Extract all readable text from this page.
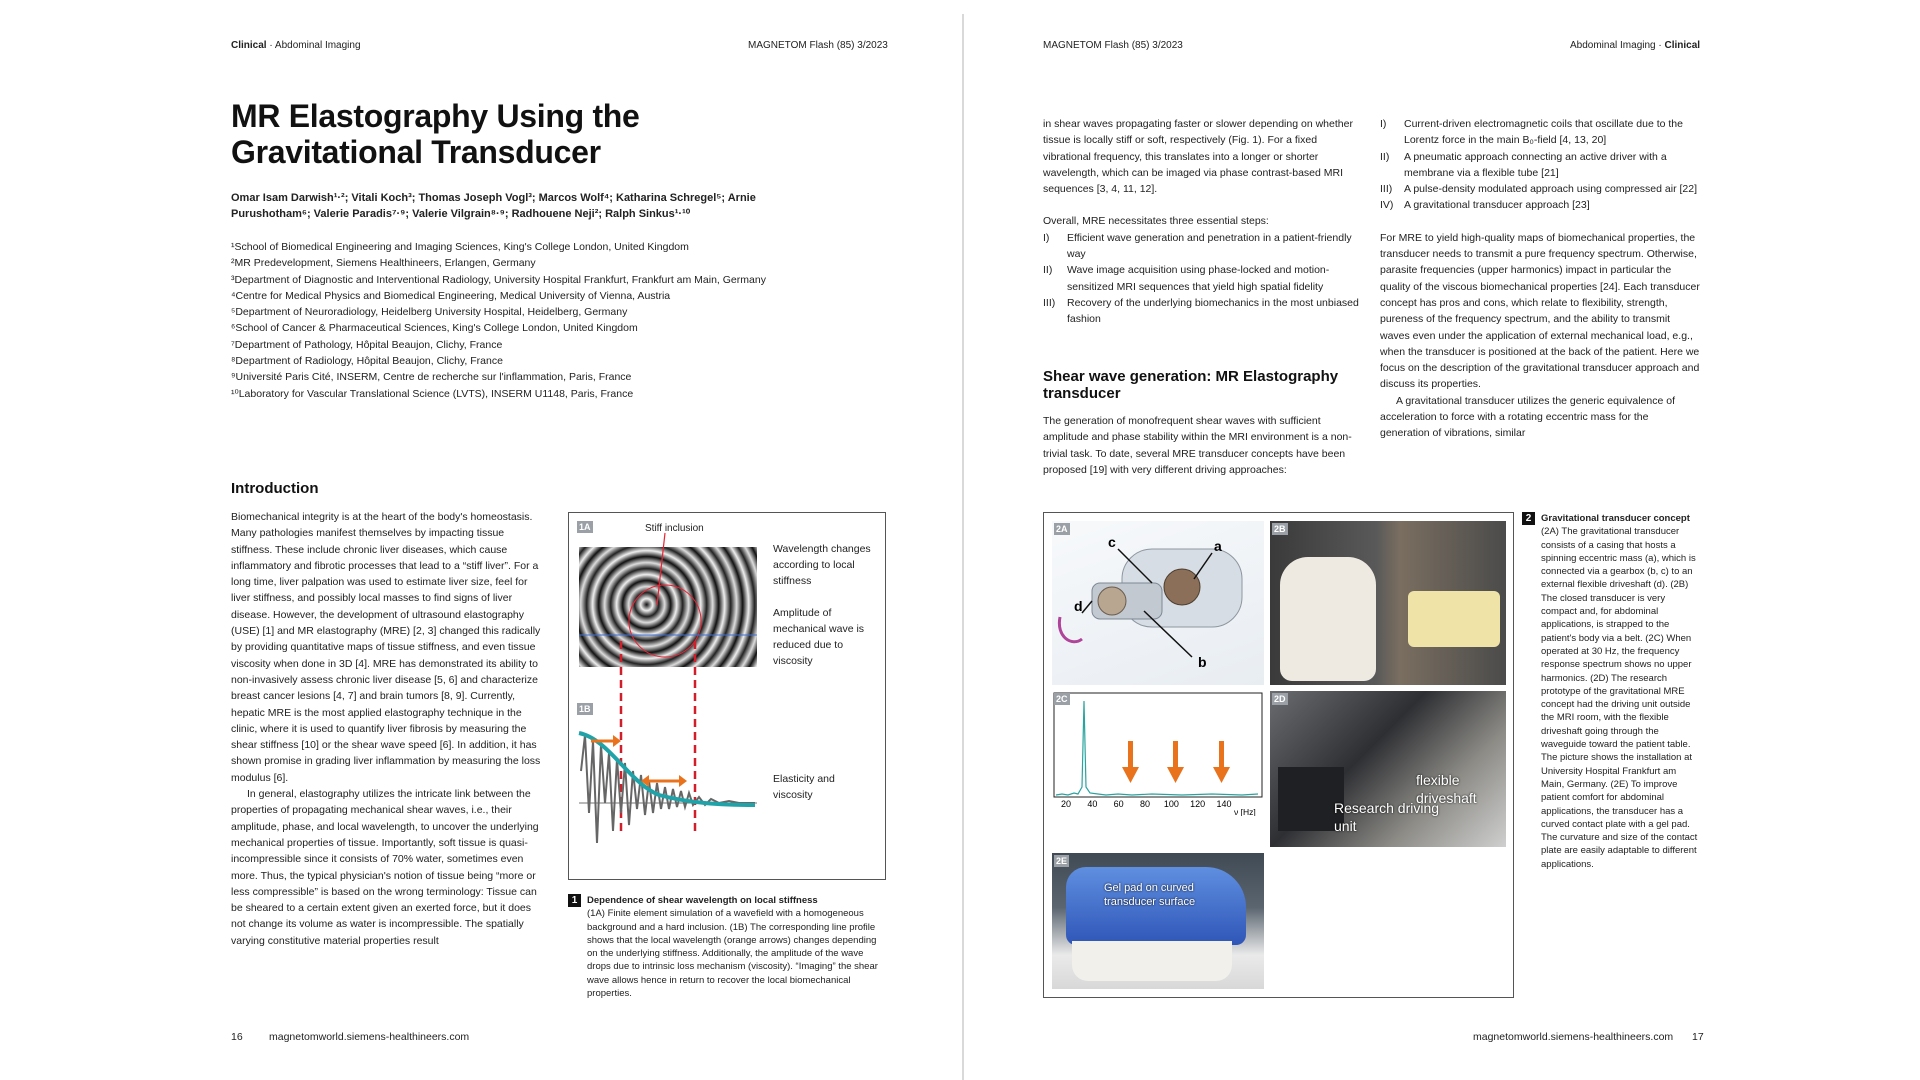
Clinical · Abdominal Imaging	MAGNETOM Flash (85) 3/2023
MR Elastography Using the Gravitational Transducer
Omar Isam Darwish¹·²; Vitali Koch³; Thomas Joseph Vogl³; Marcos Wolf⁴; Katharina Schregel⁵; Arnie Purushotham⁶; Valerie Paradis⁷·⁹; Valerie Vilgrain⁸·⁹; Radhouene Neji²; Ralph Sinkus¹·¹⁰
¹School of Biomedical Engineering and Imaging Sciences, King's College London, United Kingdom
²MR Predevelopment, Siemens Healthineers, Erlangen, Germany
³Department of Diagnostic and Interventional Radiology, University Hospital Frankfurt, Frankfurt am Main, Germany
⁴Centre for Medical Physics and Biomedical Engineering, Medical University of Vienna, Austria
⁵Department of Neuroradiology, Heidelberg University Hospital, Heidelberg, Germany
⁶School of Cancer & Pharmaceutical Sciences, King's College London, United Kingdom
⁷Department of Pathology, Hôpital Beaujon, Clichy, France
⁸Department of Radiology, Hôpital Beaujon, Clichy, France
⁹Université Paris Cité, INSERM, Centre de recherche sur l'inflammation, Paris, France
¹⁰Laboratory for Vascular Translational Science (LVTS), INSERM U1148, Paris, France
Introduction

Biomechanical integrity is at the heart of the body's homeostasis. Many pathologies manifest themselves by impacting tissue stiffness. These include chronic liver diseases, which cause inflammatory and fibrotic processes that lead to a “stiff liver”. For a long time, liver palpation was used to estimate liver size, feel for liver stiffness, and possibly local masses to find signs of liver disease. However, the development of ultrasound elastography (USE) [1] and MR elastography (MRE) [2, 3] changed this radically by providing quantitative maps of tissue stiffness, and even tissue viscosity when done in 3D [4]. MRE has demonstrated its ability to non-invasively assess chronic liver disease [5, 6] and characterize breast cancer lesions [4, 7] and brain tumors [8, 9]. Currently, hepatic MRE is the most applied elastography technique in the clinic, where it is used to quantify liver fibrosis by measuring the shear stiffness [10] or the shear wave speed [6]. In addition, it has shown promise in grading liver inflammation by measuring the loss modulus [6].

In general, elastography utilizes the intricate link between the properties of propagating mechanical shear waves, i.e., their amplitude, phase, and local wavelength, to uncover the underlying mechanical properties of tissue. Importantly, soft tissue is quasi-incompressible since it consists of 70% water, sometimes even more. Thus, the typical physician's notion of tissue being “more or less compressible” is based on the wrong terminology: Tissue can be sheared to a certain extent given an exerted force, but it does not change its volume as water is incompressible. The spatially varying constitutive material properties result

1A	Stiff inclusion
1B
Wavelength changes according to local stiffness
Amplitude of mechanical wave is reduced due to viscosity
Elasticity and viscosity
1 Dependence of shear wavelength on local stiffness
(1A) Finite element simulation of a wavefield with a homogeneous background and a hard inclusion. (1B) The corresponding line profile shows that the local wavelength (orange arrows) changes depending on the underlying stiffness. Additionally, the amplitude of the wave drops due to intrinsic loss mechanism (viscosity). “Imaging” the shear wave allows hence in return to recover the local biomechanical properties.
16	magnetomworld.siemens-healthineers.com
MAGNETOM Flash (85) 3/2023	Abdominal Imaging · Clinical

in shear waves propagating faster or slower depending on whether tissue is locally stiff or soft, respectively (Fig. 1). For a fixed vibrational frequency, this translates into a longer or shorter wavelength, which can be imaged via phase contrast-based MRI sequences [3, 4, 11, 12].

Overall, MRE necessitates three essential steps:

I) Efficient wave generation and penetration in a patient-friendly way
II) Wave image acquisition using phase-locked and motion-sensitized MRI sequences that yield high spatial fidelity
III) Recovery of the underlying biomechanics in the most unbiased fashion
Shear wave generation: MR Elastography transducer
The generation of monofrequent shear waves with sufficient amplitude and phase stability within the MRI environment is a non-trivial task. To date, several MRE transducer concepts have been proposed [19] with very different driving approaches:
I) Current-driven electromagnetic coils that oscillate due to the Lorentz force in the main B₀-field [4, 13, 20]
II) A pneumatic approach connecting an active driver with a membrane via a flexible tube [21]
III) A pulse-density modulated approach using compressed air [22]
IV) A gravitational transducer approach [23]

For MRE to yield high-quality maps of biomechanical properties, the transducer needs to transmit a pure frequency spectrum. Otherwise, parasite frequencies (upper harmonics) impact in particular the quality of the viscous biomechanical properties [24]. Each transducer concept has pros and cons, which relate to flexibility, strength, pureness of the frequency spectrum, and the ability to transmit waves even under the application of external mechanical load, e.g., when the transducer is positioned at the back of the patient. Here we focus on the description of the gravitational transducer approach and discuss its properties.

A gravitational transducer utilizes the generic equivalence of acceleration to force with a rotating eccentric mass for the generation of vibrations, similar

c	a
b
d
2A	2B
20 40 60 80 100 120 140
ν [Hz]
2C
Research driving unit
flexible driveshaft
2D
Gel pad on curved transducer surface
2E
2 Gravitational transducer concept
(2A) The gravitational transducer consists of a casing that hosts a spinning eccentric mass (a), which is connected via a gearbox (b, c) to an external flexible driveshaft (d). (2B) The closed transducer is very compact and, for abdominal applications, is strapped to the patient's body via a belt. (2C) When operated at 30 Hz, the frequency response spectrum shows no upper harmonics. (2D) The research prototype of the gravitational MRE concept had the driving unit outside the MRI room, with the flexible driveshaft going through the waveguide toward the patient table. The picture shows the installation at University Hospital Frankfurt am Main, Germany. (2E) To improve patient comfort for abdominal applications, the transducer has a curved contact plate with a gel pad. The curvature and size of the contact plate are easily adaptable to different applications.
magnetomworld.siemens-healthineers.com 17
